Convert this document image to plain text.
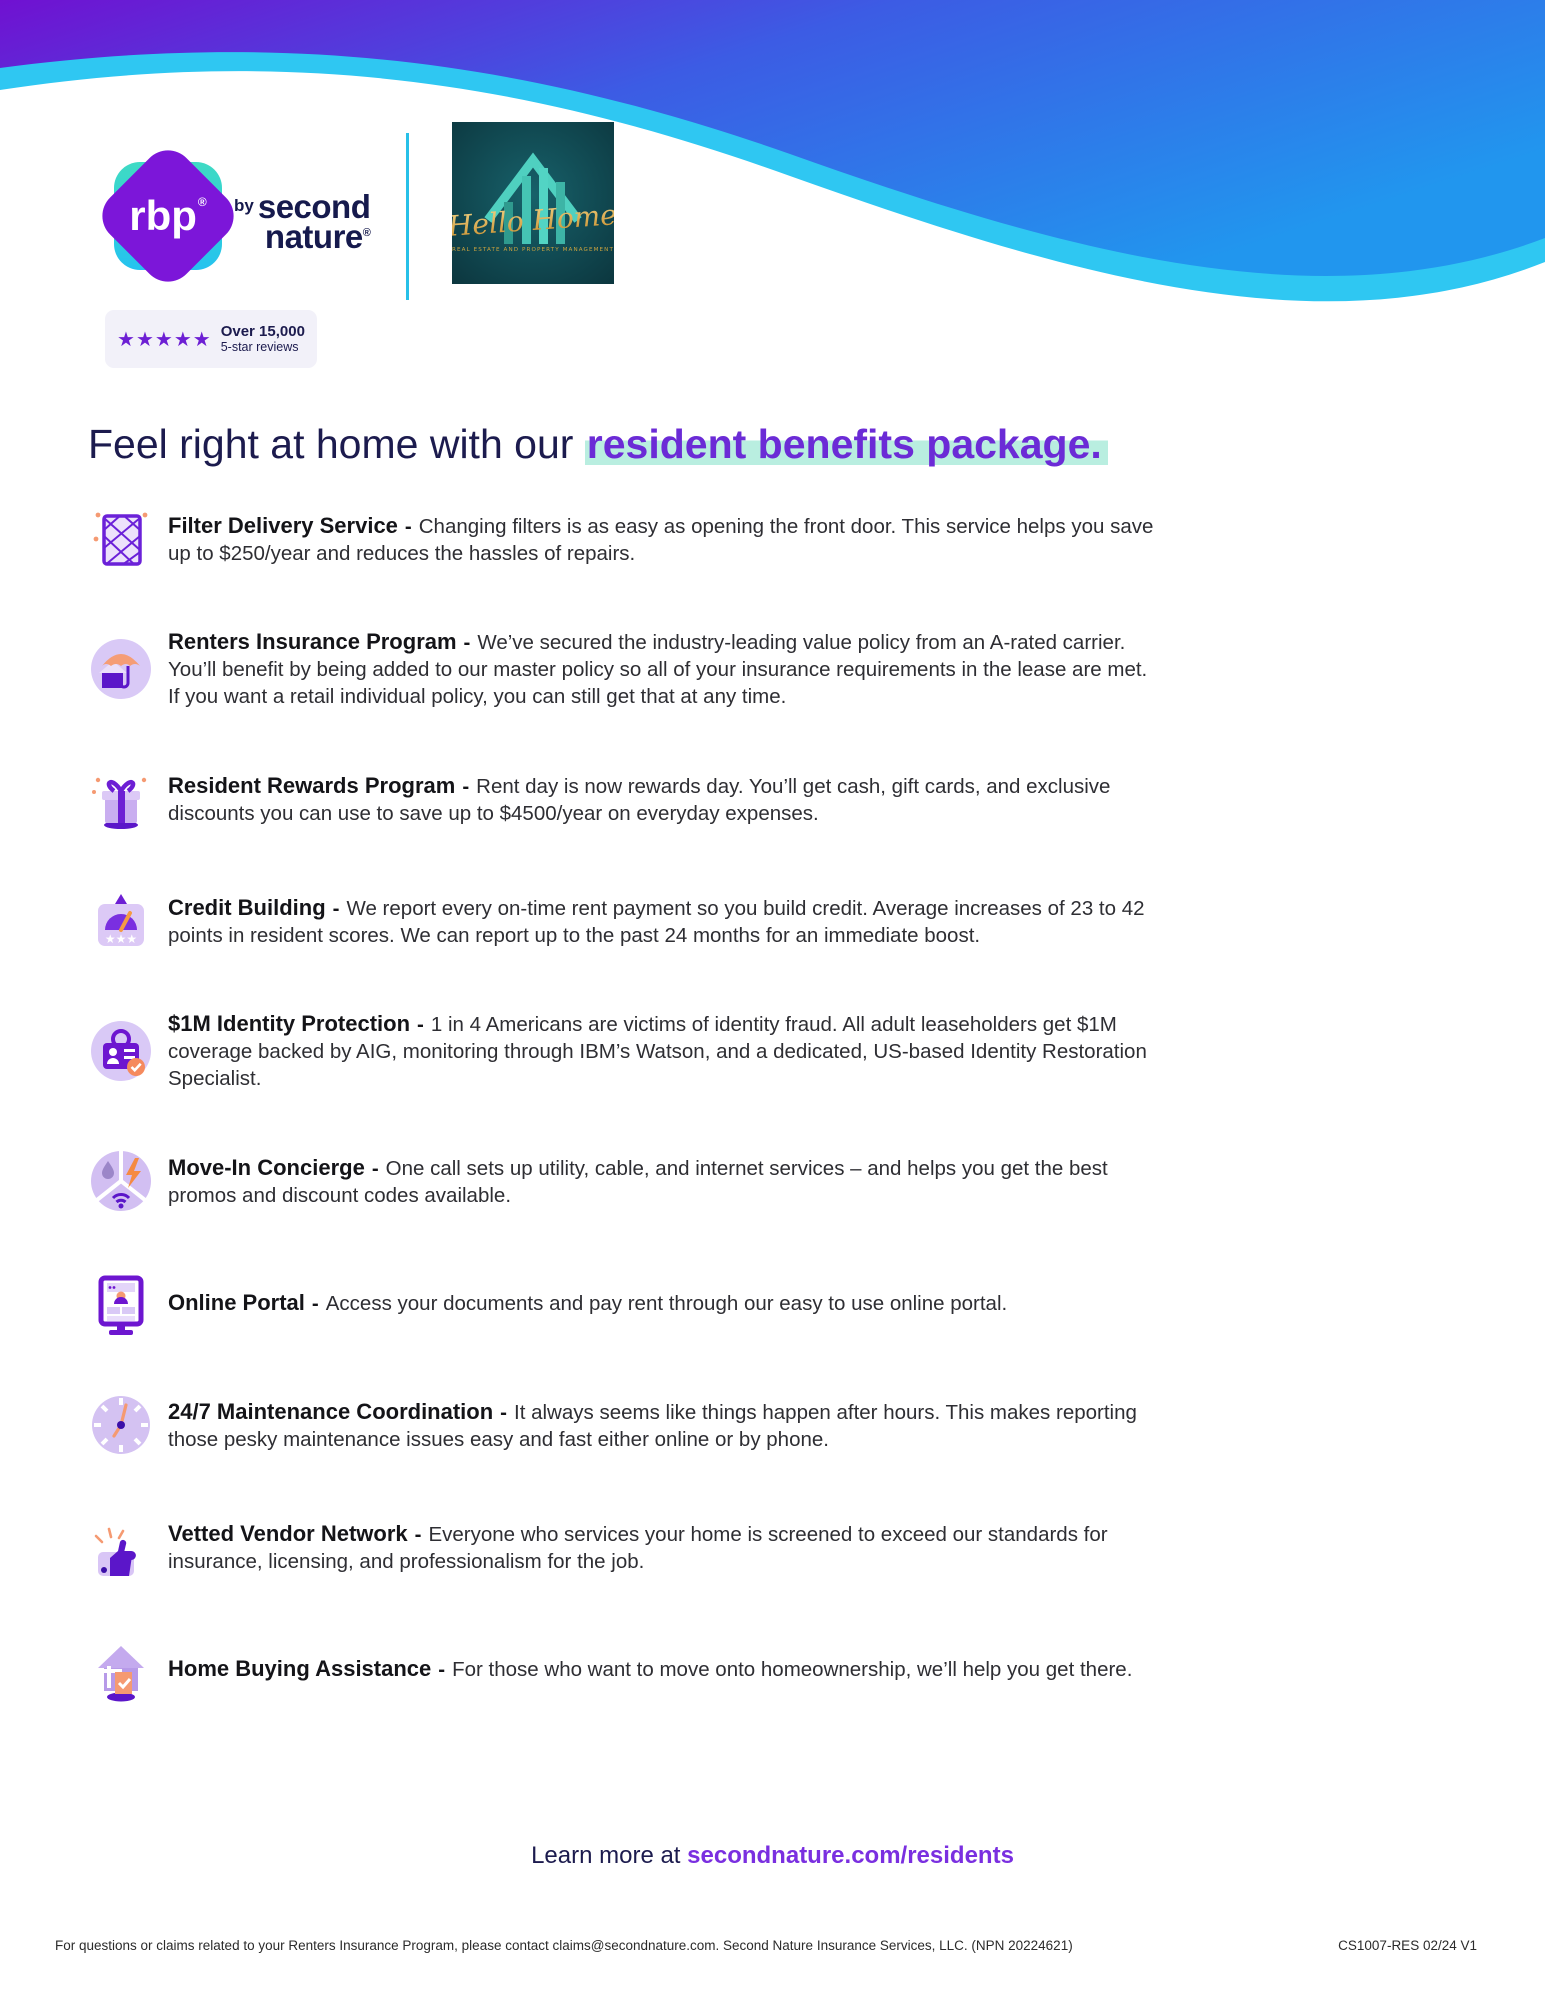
rbp® by second
nature®	Hello Home
REAL ESTATE AND PROPERTY MANAGEMENT
★★★★★ Over 15,000
5-star reviews
Feel right at home with our resident benefits package.
Filter Delivery Service - Changing filters is as easy as opening the front door. This service helps you save up to $250/year and reduces the hassles of repairs.
Renters Insurance Program - We’ve secured the industry-leading value policy from an A-rated carrier. You’ll benefit by being added to our master policy so all of your insurance requirements in the lease are met. If you want a retail individual policy, you can still get that at any time.
Resident Rewards Program - Rent day is now rewards day. You’ll get cash, gift cards, and exclusive discounts you can use to save up to $4500/year on everyday expenses.
★★★
Credit Building - We report every on-time rent payment so you build credit. Average increases of 23 to 42 points in resident scores. We can report up to the past 24 months for an immediate boost.
$1M Identity Protection - 1 in 4 Americans are victims of identity fraud. All adult leaseholders get $1M coverage backed by AIG, monitoring through IBM’s Watson, and a dedicated, US-based Identity Restoration Specialist.
Move-In Concierge - One call sets up utility, cable, and internet services – and helps you get the best promos and discount codes available.
Online Portal - Access your documents and pay rent through our easy to use online portal.
24/7 Maintenance Coordination - It always seems like things happen after hours. This makes reporting those pesky maintenance issues easy and fast either online or by phone.
Vetted Vendor Network - Everyone who services your home is screened to exceed our standards for insurance, licensing, and professionalism for the job.
Home Buying Assistance - For those who want to move onto homeownership, we’ll help you get there.
Learn more at secondnature.com/residents
For questions or claims related to your Renters Insurance Program, please contact claims@secondnature.com. Second Nature Insurance Services, LLC. (NPN 20224621)	CS1007-RES 02/24 V1
